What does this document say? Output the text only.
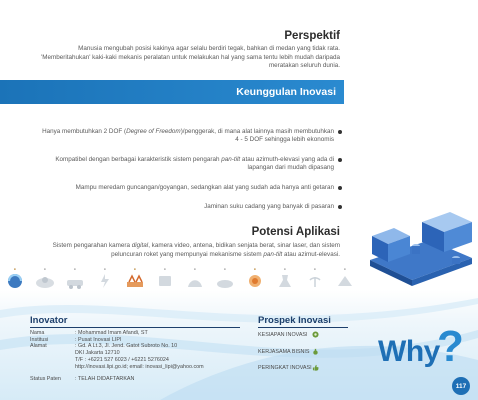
Perspektif
Manusia mengubah posisi kakinya agar selalu berdiri tegak, bahkan di medan yang tidak rata.
'Memberitahukan' kaki-kaki mekanis peralatan untuk melakukan hal yang sama tentu lebih mudah daripada
meratakan seluruh dunia.
Keunggulan Inovasi
Hanya membutuhkan 2 DOF (Degree of Freedom)/penggerak, di mana alat lainnya masih membutuhkan
4 - 5 DOF sehingga lebih ekonomis
Kompatibel dengan berbagai karakteristik sistem pengarah pan-tilt atau azimuth-elevasi yang ada di
lapangan dari mudah dipasang
Mampu meredam guncangan/goyangan, sedangkan alat yang sudah ada hanya anti getaran
Jaminan suku cadang yang banyak di pasaran
Potensi Aplikasi
Sistem pengarahan kamera digital, kamera video, antena, bidikan senjata berat, sinar laser, dan sistem
peluncuran roket yang mempunyai mekanisme sistem pan-tilt atau azimut-elevasi.
■	■	■	■	■	■	■	■	■	■	■	■
Inovator
Nama	: Mohammad Imam Afandi, ST
Institusi	: Pusat Inovasi LIPI
Alamat	: Gd. A Lt.3, Jl. Jend. Gatot Subroto No. 10
DKI Jakarta 12710
T/F : +6221 527 6023 / +6221 5276024
http://inovasi.lipi.go.id; email: inovasi_lipi@yahoo.com
Status Paten	: TELAH DIDAFTARKAN
Prospek Inovasi
KESIAPAN INOVASI
KERJASAMA BISNIS
PERINGKAT INOVASI Why
?
117
